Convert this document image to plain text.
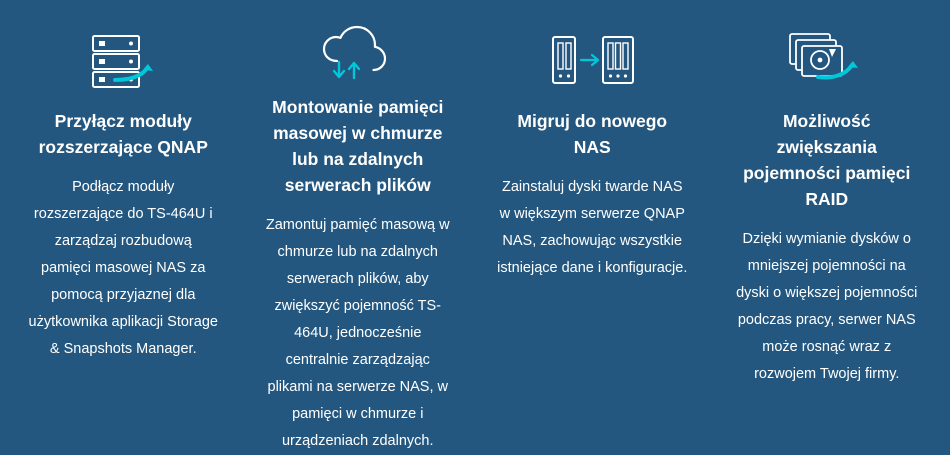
Przyłącz moduły rozszerzające QNAP

Podłącz moduły rozszerzające do TS-464U i zarządzaj rozbudową pamięci masowej NAS za pomocą przyjaznej dla użytkownika aplikacji Storage & Snapshots Manager.

Montowanie pamięci masowej w chmurze lub na zdalnych serwerach plików

Zamontuj pamięć masową w chmurze lub na zdalnych serwerach plików, aby zwiększyć pojemność TS-464U, jednocześnie centralnie zarządzając plikami na serwerze NAS, w pamięci w chmurze i urządzeniach zdalnych.

Migruj do nowego NAS

Zainstaluj dyski twarde NAS w większym serwerze QNAP NAS, zachowując wszystkie istniejące dane i konfiguracje.

Możliwość zwiększania pojemności pamięci RAID

Dzięki wymianie dysków o mniejszej pojemności na dyski o większej pojemności podczas pracy, serwer NAS może rosnąć wraz z rozwojem Twojej firmy.
